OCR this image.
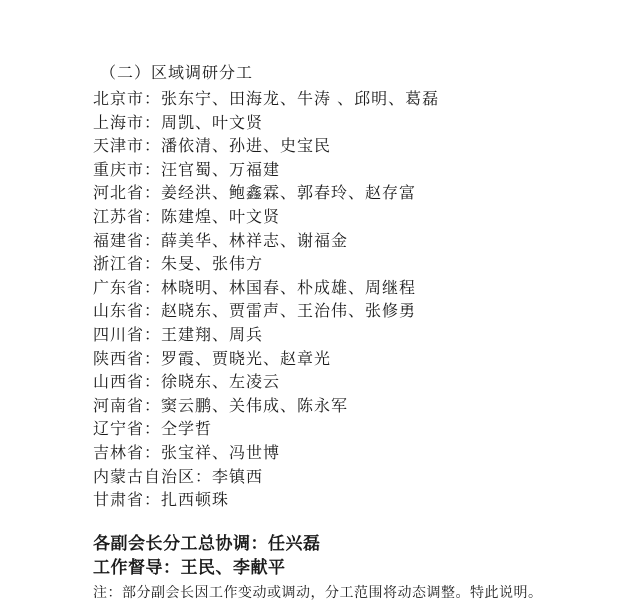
（二）区域调研分工
北京市：张东宁、田海龙、牛涛 、邱明、葛磊
上海市：周凯、叶文贤
天津市：潘依清、孙进、史宝民
重庆市：汪官蜀、万福建
河北省：姜经洪、鲍鑫霖、郭春玲、赵存富
江苏省：陈建煌、叶文贤
福建省：薛美华、林祥志、谢福金
浙江省：朱旻、张伟方
广东省：林晓明、林国春、朴成雄、周继程
山东省：赵晓东、贾雷声、王治伟、张修勇
四川省：王建翔、周兵
陕西省：罗霞、贾晓光、赵章光
山西省：徐晓东、左凌云
河南省：窦云鹏、关伟成、陈永军
辽宁省：仝学哲
吉林省：张宝祥、冯世博
内蒙古自治区：李镇西
甘肃省：扎西顿珠
各副会长分工总协调：任兴磊
工作督导：王民、李献平
注：部分副会长因工作变动或调动，分工范围将动态调整。特此说明。
